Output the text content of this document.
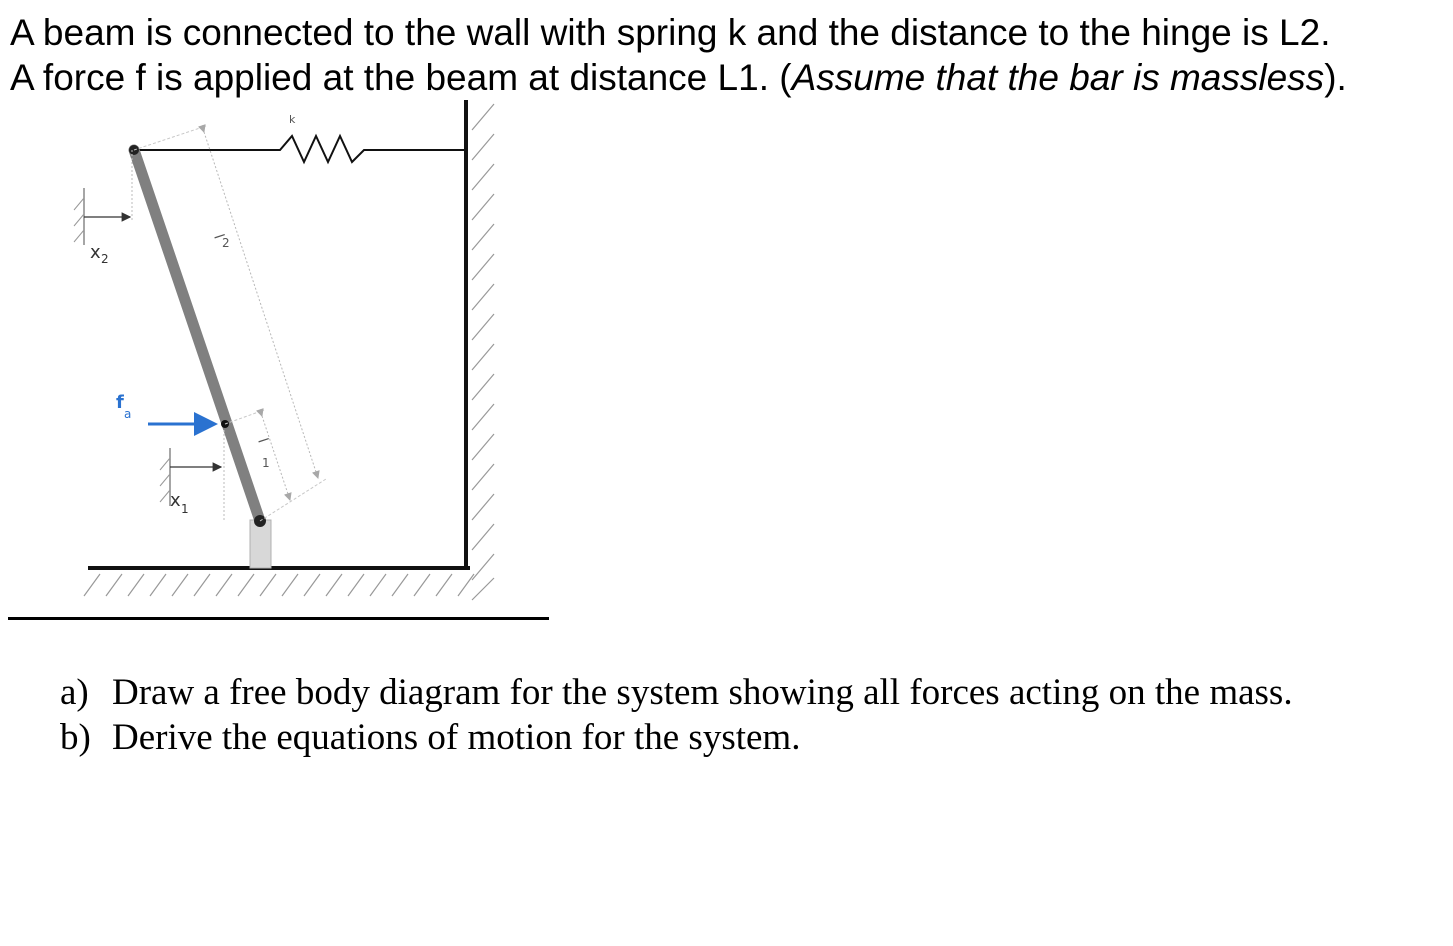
A beam is connected to the wall with spring k and the distance to the hinge is L2.
A force f is applied at the beam at distance L1. (Assume that the bar is massless).
k
l
2
l
1
x 2
x 1
f
a
a) Draw a free body diagram for the system showing all forces acting on the mass.
b) Derive the equations of motion for the system.
